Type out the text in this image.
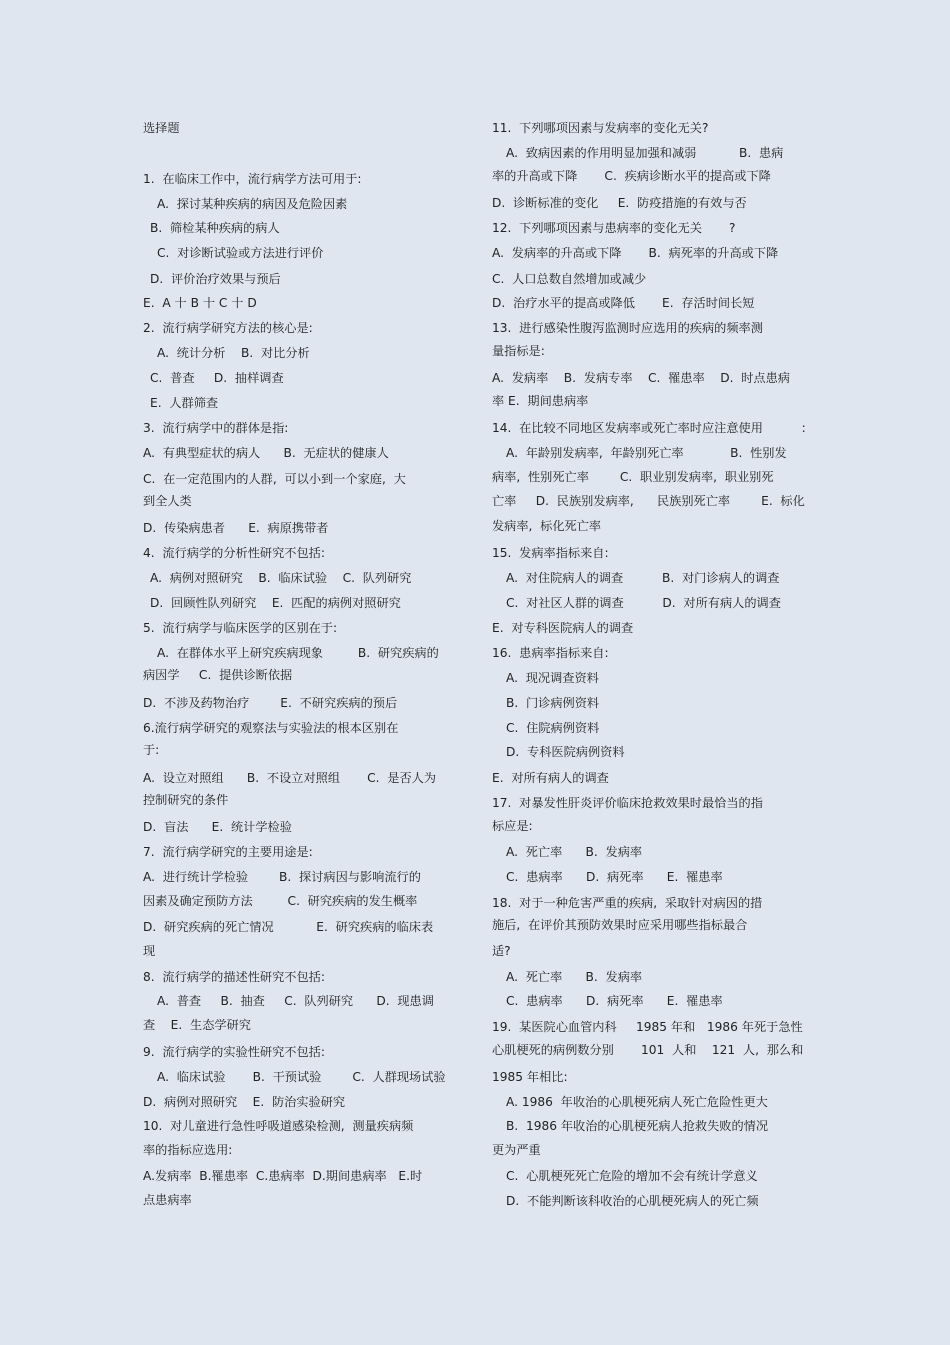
选择题
1.  在临床工作中，流行病学方法可用于:
A.  探讨某种疾病的病因及危险因素
B.  筛检某种疾病的病人
C.  对诊断试验或方法进行评价
D.  评价治疗效果与预后
E.  A 十 B 十 C 十 D
2.  流行病学研究方法的核心是:
A.  统计分析    B.  对比分析
C.  普查     D.  抽样调查
E.  人群筛查
3.  流行病学中的群体是指:
A.  有典型症状的病人      B.  无症状的健康人
C.  在一定范围内的人群,  可以小到一个家庭,  大
到全人类
D.  传染病患者      E.  病原携带者
4.  流行病学的分析性研究不包括:
A.  病例对照研究    B.  临床试验    C.  队列研究
D.  回顾性队列研究    E.  匹配的病例对照研究
5.  流行病学与临床医学的区别在于:
A.  在群体水平上研究疾病现象         B.  研究疾病的
病因学     C.  提供诊断依据
D.  不涉及药物治疗        E.  不研究疾病的预后
6.流行病学研究的观察法与实验法的根本区别在
于:
A.  设立对照组      B.  不设立对照组       C.  是否人为
控制研究的条件
D.  盲法      E.  统计学检验
7.  流行病学研究的主要用途是:
A.  进行统计学检验        B.  探讨病因与影响流行的
因素及确定预防方法         C.  研究疾病的发生概率
D.  研究疾病的死亡情况           E.  研究疾病的临床表
现
8.  流行病学的描述性研究不包括:
A.  普查     B.  抽查     C.  队列研究      D.  现患调
查    E.  生态学研究
9.  流行病学的实验性研究不包括:
A.  临床试验       B.  干预试验        C.  人群现场试验
D.  病例对照研究    E.  防治实验研究
10.  对儿童进行急性呼吸道感染检测,  测量疾病频
率的指标应选用:
A.发病率  B.罹患率  C.患病率  D.期间患病率   E.时
点患病率
11.  下列哪项因素与发病率的变化无关?
A.  致病因素的作用明显加强和减弱           B.  患病
率的升高或下降       C.  疾病诊断水平的提高或下降
D.  诊断标准的变化     E.  防疫措施的有效与否
12.  下列哪项因素与患病率的变化无关       ?
A.  发病率的升高或下降       B.  病死率的升高或下降
C.  人口总数自然增加或减少
D.  治疗水平的提高或降低       E.  存活时间长短
13.  进行感染性腹泻监测时应选用的疾病的频率测
量指标是:
A.  发病率    B.  发病专率    C.  罹患率    D.  时点患病
率 E.  期间患病率
14.  在比较不同地区发病率或死亡率时应注意使用          :
A.  年龄别发病率,  年龄别死亡率            B.  性别发
病率,  性别死亡率        C.  职业别发病率,  职业别死
亡率     D.  民族别发病率,      民族别死亡率        E.  标化
发病率,  标化死亡率
15.  发病率指标来自:
A.  对住院病人的调查          B.  对门诊病人的调查
C.  对社区人群的调查          D.  对所有病人的调查
E.  对专科医院病人的调查
16.  患病率指标来自:
A.  现况调查资料
B.  门诊病例资料
C.  住院病例资料
D.  专科医院病例资料
E.  对所有病人的调查
17.  对暴发性肝炎评价临床抢救效果时最恰当的指
标应是:
A.  死亡率      B.  发病率
C.  患病率      D.  病死率      E.  罹患率
18.  对于一种危害严重的疾病,  采取针对病因的措
施后,  在评价其预防效果时应采用哪些指标最合
适?
A.  死亡率      B.  发病率
C.  患病率      D.  病死率      E.  罹患率
19.  某医院心血管内科     1985 年和   1986 年死于急性
心肌梗死的病例数分别       101  人和    121  人,  那么和
1985 年相比:
A. 1986  年收治的心肌梗死病人死亡危险性更大
B.  1986 年收治的心肌梗死病人抢救失败的情况
更为严重
C.  心肌梗死死亡危险的增加不会有统计学意义
D.  不能判断该科收治的心肌梗死病人的死亡频
